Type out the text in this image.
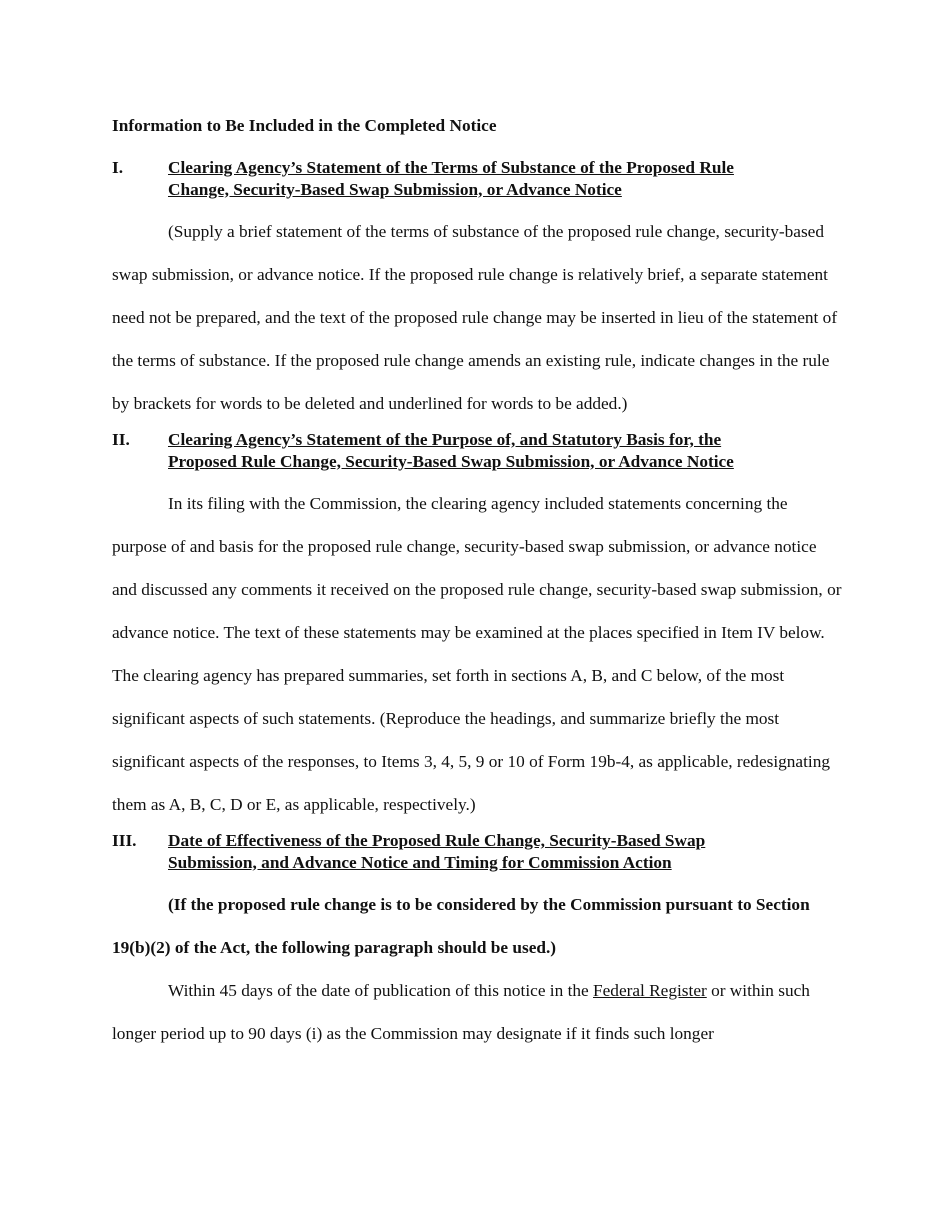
Information to Be Included in the Completed Notice

I.	Clearing Agency’s Statement of the Terms of Substance of the Proposed Rule
Change, Security-Based Swap Submission, or Advance Notice

(Supply a brief statement of the terms of substance of the proposed rule change, security-based swap submission, or advance notice. If the proposed rule change is relatively brief, a separate statement need not be prepared, and the text of the proposed rule change may be inserted in lieu of the statement of the terms of substance. If the proposed rule change amends an existing rule, indicate changes in the rule by brackets for words to be deleted and underlined for words to be added.)

II.	Clearing Agency’s Statement of the Purpose of, and Statutory Basis for, the
Proposed Rule Change, Security-Based Swap Submission, or Advance Notice

In its filing with the Commission, the clearing agency included statements concerning the purpose of and basis for the proposed rule change, security-based swap submission, or advance notice and discussed any comments it received on the proposed rule change, security-based swap submission, or advance notice. The text of these statements may be examined at the places specified in Item IV below. The clearing agency has prepared summaries, set forth in sections A, B, and C below, of the most significant aspects of such statements. (Reproduce the headings, and summarize briefly the most significant aspects of the responses, to Items 3, 4, 5, 9 or 10 of Form 19b-4, as applicable, redesignating them as A, B, C, D or E, as applicable, respectively.)

III.	Date of Effectiveness of the Proposed Rule Change, Security-Based Swap
Submission, and Advance Notice and Timing for Commission Action

(If the proposed rule change is to be considered by the Commission pursuant to Section 19(b)(2) of the Act, the following paragraph should be used.)

Within 45 days of the date of publication of this notice in the Federal Register or within such longer period up to 90 days (i) as the Commission may designate if it finds such longer
